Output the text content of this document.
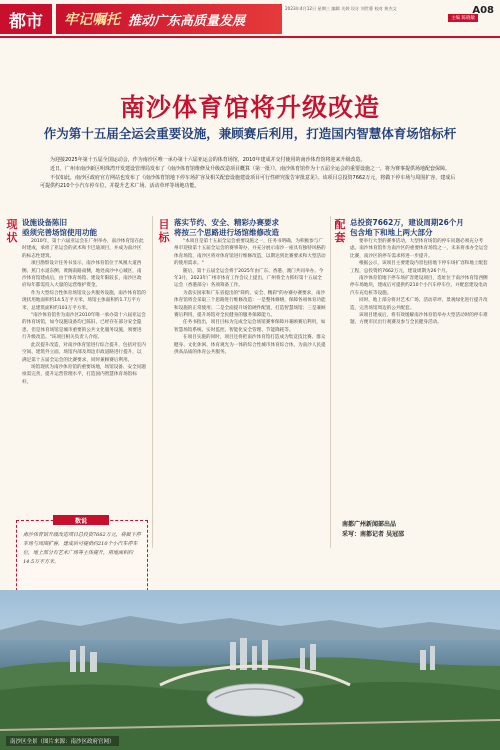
都市	牢记嘱托 推动广东高质量发展
2023年4月12日 星期三 编辑 关婷 设计 刘世曹 校对 黄杰文
主编 陈晓敏
A08
南沙体育馆将升级改造
作为第十五届全运会重要设施，兼顾赛后利用，打造国内智慧体育场馆标杆

为迎接2025年第十五届全国运动会，作为南沙区唯一承办第十六届亚运会的体育场馆，2010年建成并交付使用的南沙体育馆将迎来升级改造。

近日，广州市南沙新区明珠湾开发建设管理局发布了《南沙体育馆维修及升级改造项目概算（第一批）》，南沙体育馆作为十五届全运会的重要设施之一，将为赛事提供场地配套保障。

不仅如此，南沙区政府官方网站也发布了《南沙体育馆地下停车场扩容及相关配套设施建设项目可行性研究报告审批意见》。该项目总投资7662万元，将做下停车场与周围扩容，建成后可提供约210个小汽车停车位，并提升艺术广场、活动草坪等场地功能。

现状

设施设备陈旧
亟须完善场馆使用功能

2010年，第十六届亚运会在广州举办，南沙体育馆在此时建成，承担了亚运会的武术和卡巴迪项目，并成为南沙区的标志性建筑。

项目勘察设计任务书显示，南沙体育馆位于凤凰大道西侧、蕉门水道东侧、黄阁南路南侧，地处南沙中心城区，南沙体育馆建成后，由于体育场馆、建设年限较长，南沙区政府每年都需投入大量的运营维护资金。

作为大型综合性体育场馆及公共服务设施，南沙体育馆的现状用地面积约14.5万平方米，场馆主体面积约1.7万平方米，总建筑面积约103万平方米。

"南沙体育馆作为南沙区2010年唯一承办第十六届亚运会的体育场馆，如今设施设备均已陈旧，已经存在部分安全隐患，但是体育场馆是城市重要的公共文化服务设施，须要进行升级改造。"该项目相关负责人介绍。

此次提升改造，对南沙体育馆进行综合提升，包括对室内空间、建筑外立面、场馆内部及周边市政道路进行提升，以满足第十五届全运会的比赛要求，同时兼顾赛后利用。

场馆现状为南沙体育馆的重要场地，场馆设备、安全问题亟需完善，提升运营管理水平，打造国内智慧体育场馆标杆。

目标

落实节约、安全、精彩办赛要求
将按三个思路进行场馆维修改造

"本项目是第十五届全运会重要设施之一，任务书明确，为积极参与广州市迎接第十五届全运会的赛事筹办，并充分展示南沙一座具有独特风格的体育场馆，南沙区将对体育馆进行维修改造，以期达到比赛要求和大型活动的使用需求。"

随后，第十五届全运会将于2025年由广东、香港、澳门共同举办。今年3月，2023年广州市体育工作会议上提出，广州将全力抓好第十五届全运会（香港部分）各项筹备工作。

为落实国家和广东省提出的"简约、安全、精彩"的办赛办赛要求，南沙体育馆将会采取三个思路进行维修改造：一是整体修缮，保障各项体育功能和设施的正常使用；二是全面提升场馆硬件配置，打造智慧场馆；三是兼顾赛后利用，提升场馆对全民健身的服务保障能力。

任务书指出，项目目标为完成全运会场馆赛事保障并兼顾赛后利用，如智慧场馆系统、实时监控、智能化安全管理、节能降耗等。

在项目实施的同时，项目还将把南沙体育馆打造成为集竞技比赛、群众健身、文化休闲、体育观光为一体的综合性城市体育综合体，为南沙人民提供高品质的体育公共服务。

配套

总投资7662万，建设周期26个月
包含地下和地上两大部分

要举行大型的赛事活动，大型体育场馆的停车问题必须充分考虑。南沙体育馆作为南沙区的重要体育场馆之一，未来将承办全运会比赛，南沙区的停车需求将进一步提升。

根据公示，该项目主要建设内容包括地下停车场扩容和地上配套工程，总投资约7662万元，建设周期为26个月。

南沙体育馆地下停车场扩容建设项目，选址位于南沙体育馆西侧停车场地块，建成后可提供约210个小汽车停车位，并配套建设电动汽车充电桩等设施。

同时，地上部分将对艺术广场、活动草坪、景观绿化进行提升改造，完善场馆周边的公共配套。

该项目建成后，将有效缓解南沙体育馆举办大型活动时的停车难题，方便市民出行观赛及参与全民健身活动。

数说
南沙体育馆升级改造项目总投资7662万元，将做下停车场与周围扩容，建成后可提供约210个小汽车停车位，地上部分有艺术广场等主体提升，用地面积约14.5万平方米。
南都广州新闻部出品
采写：南都记者 吴冠邵
南沙区全景（图片来源：南沙区政府官网）
